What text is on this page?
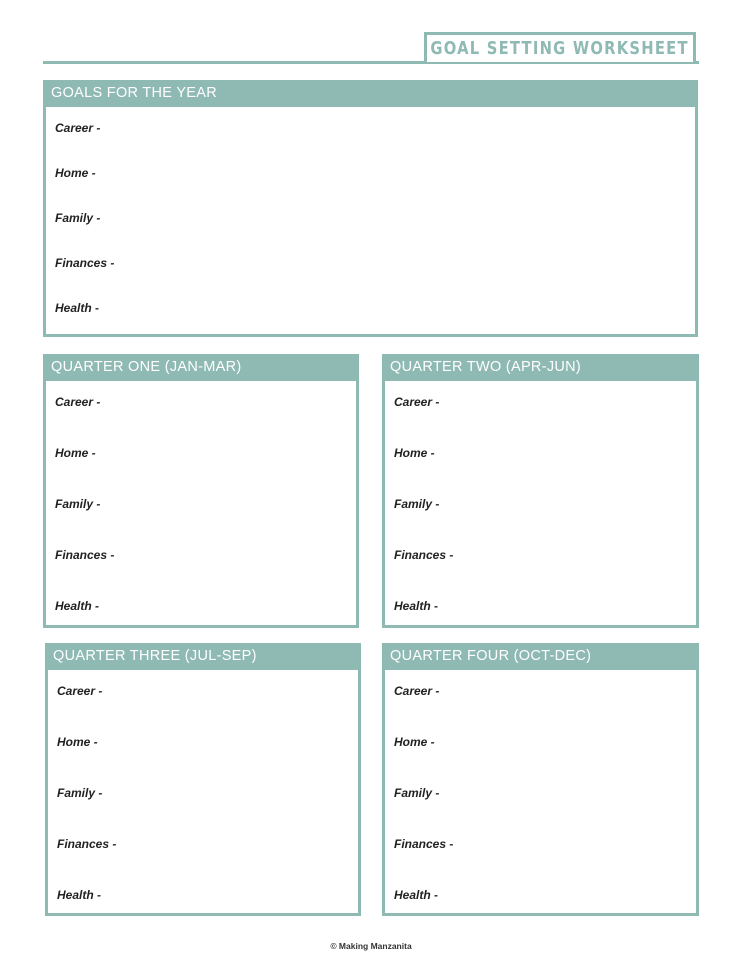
GOAL SETTING WORKSHEET
GOALS FOR THE YEAR
Career -
Home -
Family -
Finances -
Health -
QUARTER ONE (JAN-MAR)
Career -
Home -
Family -
Finances -
Health -
QUARTER TWO (APR-JUN)
Career -
Home -
Family -
Finances -
Health -
QUARTER THREE (JUL-SEP)
Career -
Home -
Family -
Finances -
Health -
QUARTER FOUR (OCT-DEC)
Career -
Home -
Family -
Finances -
Health -
© Making Manzanita
